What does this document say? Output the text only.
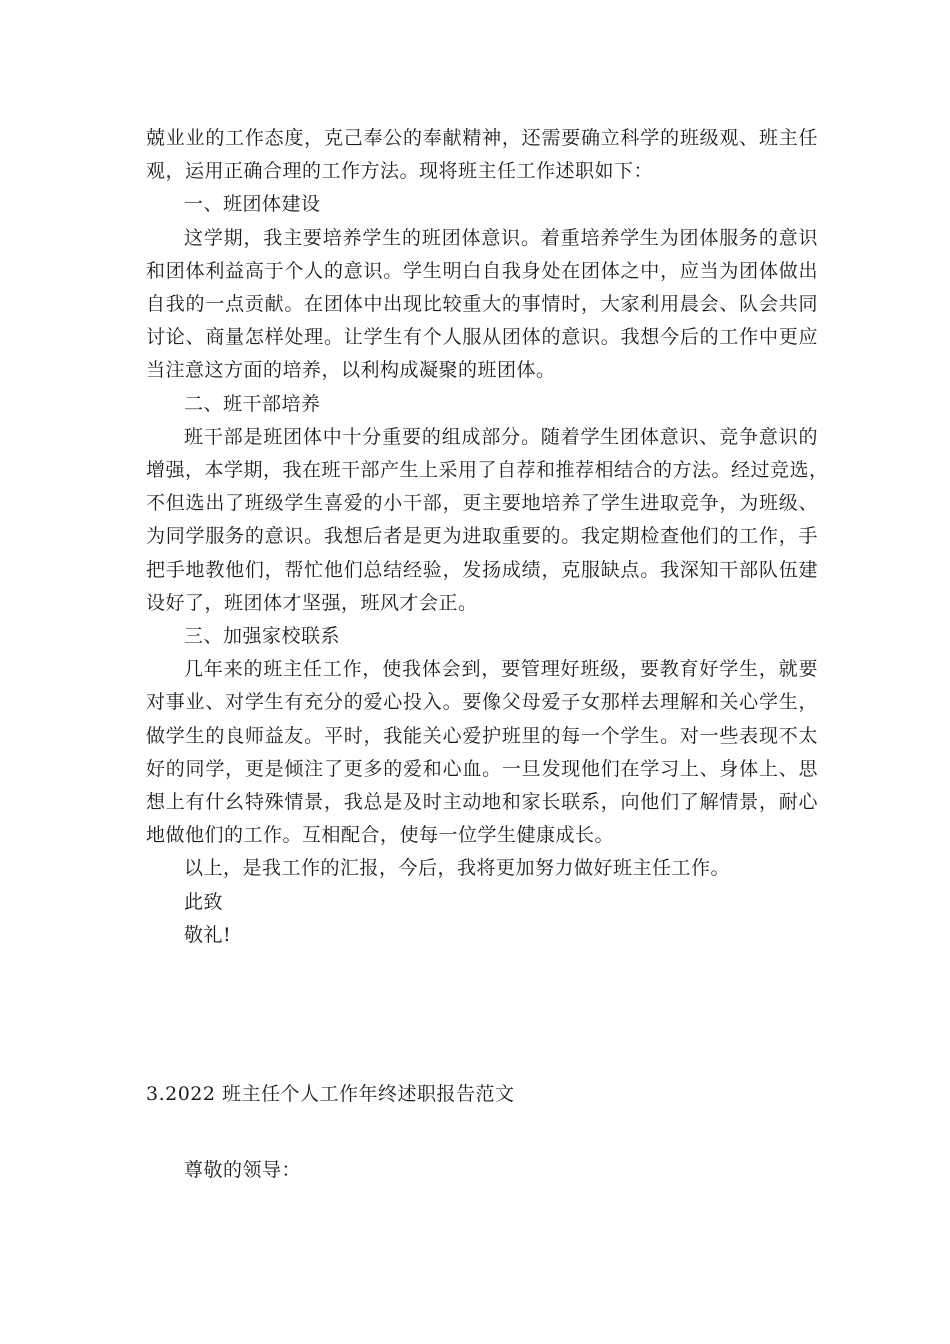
兢业业的工作态度，克己奉公的奉献精神，还需要确立科学的班级观、班主任
观，运用正确合理的工作方法。现将班主任工作述职如下：
一、班团体建设
这学期，我主要培养学生的班团体意识。着重培养学生为团体服务的意识
和团体利益高于个人的意识。学生明白自我身处在团体之中，应当为团体做出
自我的一点贡献。在团体中出现比较重大的事情时，大家利用晨会、队会共同
讨论、商量怎样处理。让学生有个人服从团体的意识。我想今后的工作中更应
当注意这方面的培养，以利构成凝聚的班团体。
二、班干部培养
班干部是班团体中十分重要的组成部分。随着学生团体意识、竞争意识的
增强，本学期，我在班干部产生上采用了自荐和推荐相结合的方法。经过竞选，
不但选出了班级学生喜爱的小干部，更主要地培养了学生进取竞争，为班级、
为同学服务的意识。我想后者是更为进取重要的。我定期检查他们的工作，手
把手地教他们，帮忙他们总结经验，发扬成绩，克服缺点。我深知干部队伍建
设好了，班团体才坚强，班风才会正。
三、加强家校联系
几年来的班主任工作，使我体会到，要管理好班级，要教育好学生，就要
对事业、对学生有充分的爱心投入。要像父母爱子女那样去理解和关心学生，
做学生的良师益友。平时，我能关心爱护班里的每一个学生。对一些表现不太
好的同学，更是倾注了更多的爱和心血。一旦发现他们在学习上、身体上、思
想上有什幺特殊情景，我总是及时主动地和家长联系，向他们了解情景，耐心
地做他们的工作。互相配合，使每一位学生健康成长。
以上，是我工作的汇报，今后，我将更加努力做好班主任工作。
此致
敬礼!
3.2022 班主任个人工作年终述职报告范文
尊敬的领导：
